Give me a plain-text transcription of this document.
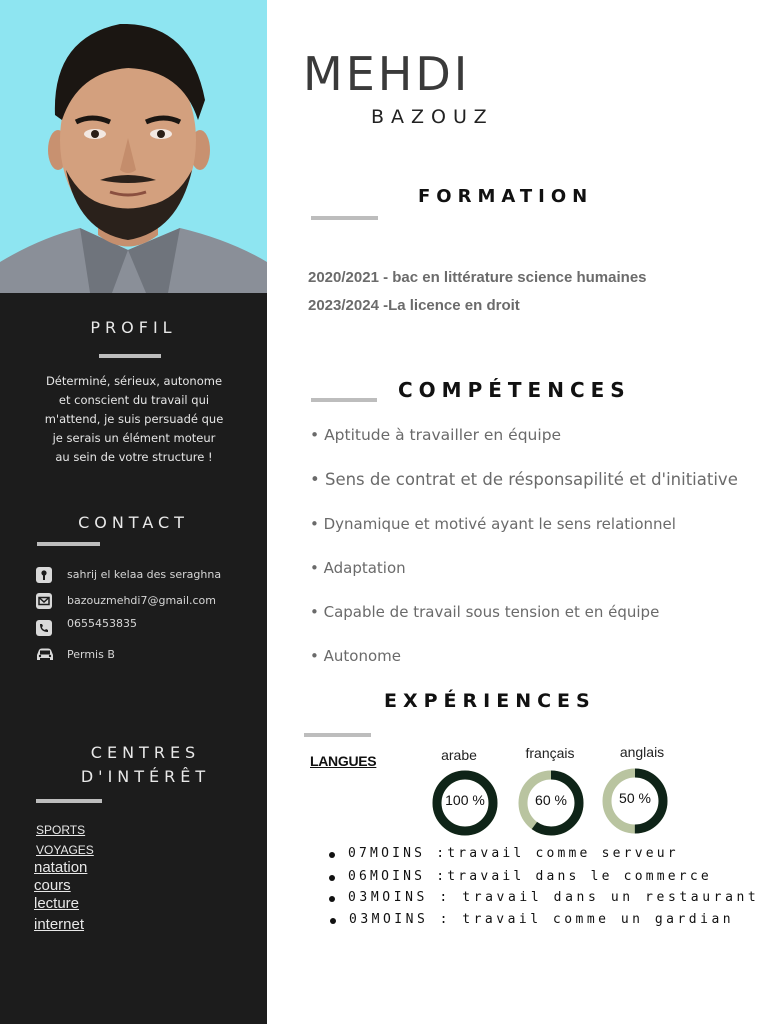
PROFIL
Déterminé, sérieux, autonome
et conscient du travail qui
m'attend, je suis persuadé que
je serais un élément moteur
au sein de votre structure !
CONTACT
sahrij el kelaa des seraghna
bazouzmehdi7@gmail.com
0655453835
Permis B
CENTRES
D'INTÉRÊT
SPORTS
VOYAGES
natation
cours
lecture
internet
MEHDI
BAZOUZ
FORMATION
2020/2021 - bac en littérature science humaines
2023/2024 -La licence en droit
COMPÉTENCES
• Aptitude à travailler en équipe
• Sens de contrat et de résponsapilité et d'initiative
• Dynamique et motivé ayant le sens relationnel
• Adaptation
• Capable de travail sous tension et en équipe
• Autonome
EXPÉRIENCES
LANGUES	arabe	français	anglais
100 %	60 %	50 %
07MOINS :travail comme serveur
06MOINS :travail dans le commerce
03MOINS : travail dans un restaurant
03MOINS : travail comme un gardian
